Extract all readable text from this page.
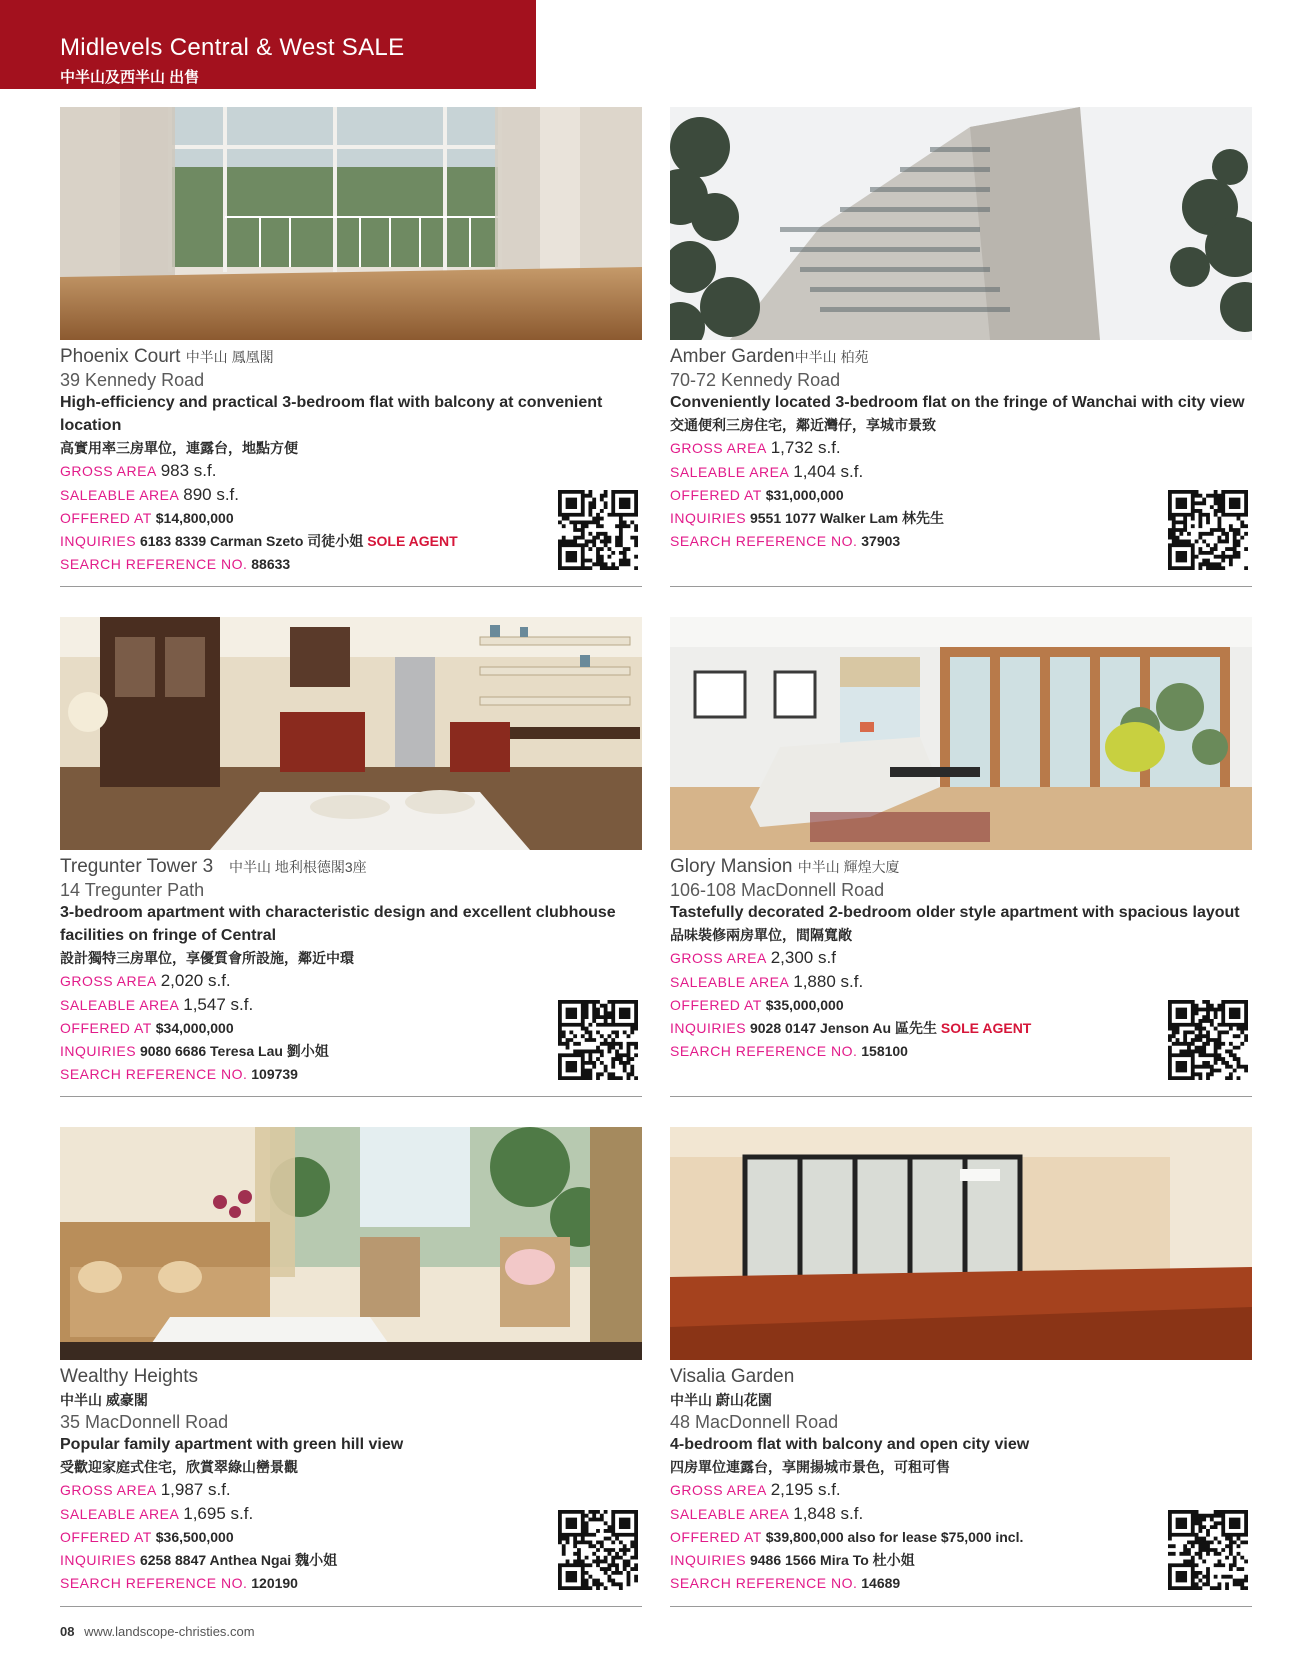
Midlevels Central & West SALE
中半山及西半山 出售
Phoenix Court 中半山 鳳凰閣
39 Kennedy Road
High-efficiency and practical 3-bedroom flat with balcony at convenient location
高實用率三房單位，連露台，地點方便
GROSS AREA 983 s.f.
SALEABLE AREA 890 s.f.
OFFERED AT $14,800,000
INQUIRIES 6183 8339 Carman Szeto 司徒小姐 SOLE AGENT
SEARCH REFERENCE NO. 88633
Amber Garden中半山 柏苑
70-72 Kennedy Road
Conveniently located 3-bedroom flat on the fringe of Wanchai with city view
交通便利三房住宅，鄰近灣仔，享城市景致
GROSS AREA 1,732 s.f.
SALEABLE AREA 1,404 s.f.
OFFERED AT $31,000,000
INQUIRIES 9551 1077 Walker Lam 林先生
SEARCH REFERENCE NO. 37903
Tregunter Tower 3 中半山 地利根德閣3座
14 Tregunter Path
3-bedroom apartment with characteristic design and excellent clubhouse facilities on fringe of Central
設計獨特三房單位，享優質會所設施，鄰近中環
GROSS AREA 2,020 s.f.
SALEABLE AREA 1,547 s.f.
OFFERED AT $34,000,000
INQUIRIES 9080 6686 Teresa Lau 劉小姐
SEARCH REFERENCE NO. 109739
Glory Mansion 中半山 輝煌大廈
106-108 MacDonnell Road
Tastefully decorated 2-bedroom older style apartment with spacious layout
品味裝修兩房單位，間隔寬敞
GROSS AREA 2,300 s.f
SALEABLE AREA 1,880 s.f.
OFFERED AT $35,000,000
INQUIRIES 9028 0147 Jenson Au 區先生 SOLE AGENT
SEARCH REFERENCE NO. 158100
Wealthy Heights
中半山 威豪閣
35 MacDonnell Road
Popular family apartment with green hill view
受歡迎家庭式住宅，欣賞翠綠山巒景觀
GROSS AREA 1,987 s.f.
SALEABLE AREA 1,695 s.f.
OFFERED AT $36,500,000
INQUIRIES 6258 8847 Anthea Ngai 魏小姐
SEARCH REFERENCE NO. 120190
Visalia Garden
中半山 蔚山花園
48 MacDonnell Road
4-bedroom flat with balcony and open city view
四房單位連露台，享開揚城市景色，可租可售
GROSS AREA 2,195 s.f.
SALEABLE AREA 1,848 s.f.
OFFERED AT $39,800,000 also for lease $75,000 incl.
INQUIRIES 9486 1566 Mira To 杜小姐
SEARCH REFERENCE NO. 14689
08 www.landscope-christies.com
